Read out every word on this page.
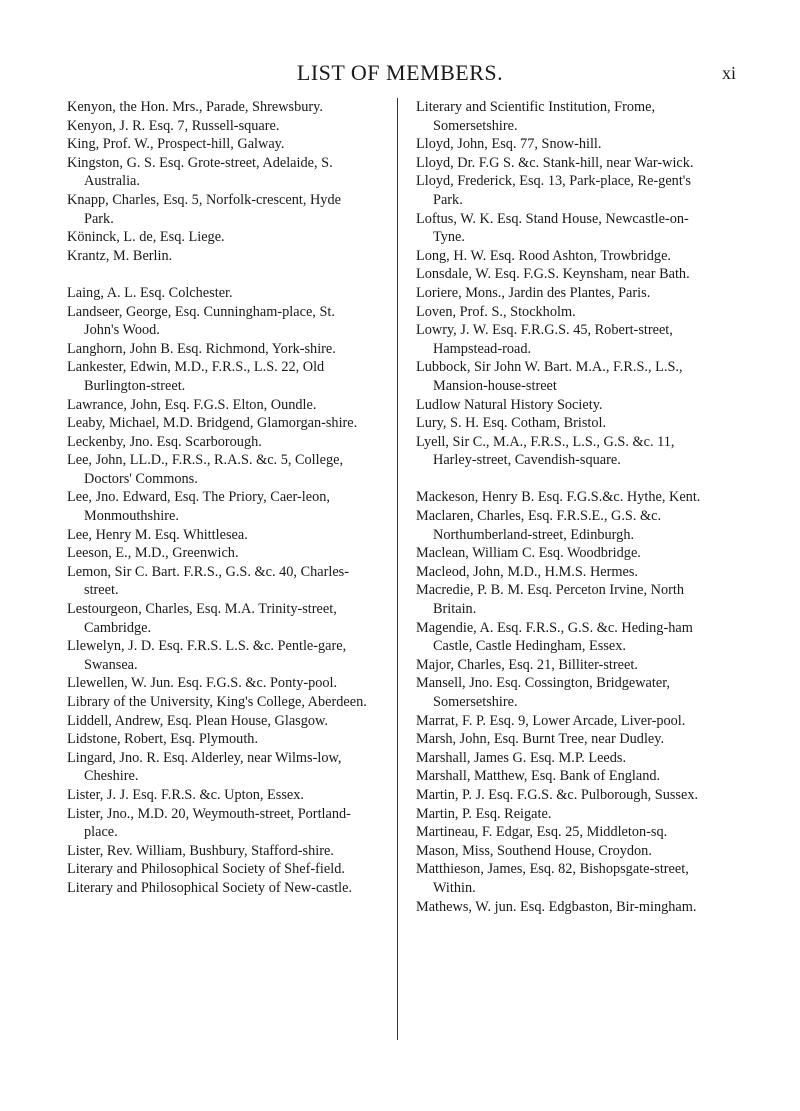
LIST OF MEMBERS.	xi

Kenyon, the Hon. Mrs., Parade, Shrewsbury.

Kenyon, J. R. Esq. 7, Russell-square.

King, Prof. W., Prospect-hill, Galway.

Kingston, G. S. Esq. Grote-street, Adelaide, S. Australia.

Knapp, Charles, Esq. 5, Norfolk-crescent, Hyde Park.

Köninck, L. de, Esq. Liege.

Krantz, M. Berlin.

Laing, A. L. Esq. Colchester.

Landseer, George, Esq. Cunningham-place, St. John's Wood.

Langhorn, John B. Esq. Richmond, York-shire.

Lankester, Edwin, M.D., F.R.S., L.S. 22, Old Burlington-street.

Lawrance, John, Esq. F.G.S. Elton, Oundle.

Leaby, Michael, M.D. Bridgend, Glamorgan-shire.

Leckenby, Jno. Esq. Scarborough.

Lee, John, LL.D., F.R.S., R.A.S. &c. 5, College, Doctors' Commons.

Lee, Jno. Edward, Esq. The Priory, Caer-leon, Monmouthshire.

Lee, Henry M. Esq. Whittlesea.

Leeson, E., M.D., Greenwich.

Lemon, Sir C. Bart. F.R.S., G.S. &c. 40, Charles-street.

Lestourgeon, Charles, Esq. M.A. Trinity-street, Cambridge.

Llewelyn, J. D. Esq. F.R.S. L.S. &c. Pentle-gare, Swansea.

Llewellen, W. Jun. Esq. F.G.S. &c. Ponty-pool.

Library of the University, King's College, Aberdeen.

Liddell, Andrew, Esq. Plean House, Glasgow.

Lidstone, Robert, Esq. Plymouth.

Lingard, Jno. R. Esq. Alderley, near Wilms-low, Cheshire.

Lister, J. J. Esq. F.R.S. &c. Upton, Essex.

Lister, Jno., M.D. 20, Weymouth-street, Portland-place.

Lister, Rev. William, Bushbury, Stafford-shire.

Literary and Philosophical Society of Shef-field.

Literary and Philosophical Society of New-castle.

Literary and Scientific Institution, Frome, Somersetshire.

Lloyd, John, Esq. 77, Snow-hill.

Lloyd, Dr. F.G S. &c. Stank-hill, near War-wick.

Lloyd, Frederick, Esq. 13, Park-place, Re-gent's Park.

Loftus, W. K. Esq. Stand House, Newcastle-on-Tyne.

Long, H. W. Esq. Rood Ashton, Trowbridge.

Lonsdale, W. Esq. F.G.S. Keynsham, near Bath.

Loriere, Mons., Jardin des Plantes, Paris.

Loven, Prof. S., Stockholm.

Lowry, J. W. Esq. F.R.G.S. 45, Robert-street, Hampstead-road.

Lubbock, Sir John W. Bart. M.A., F.R.S., L.S., Mansion-house-street

Ludlow Natural History Society.

Lury, S. H. Esq. Cotham, Bristol.

Lyell, Sir C., M.A., F.R.S., L.S., G.S. &c. 11, Harley-street, Cavendish-square.

Mackeson, Henry B. Esq. F.G.S.&c. Hythe, Kent.

Maclaren, Charles, Esq. F.R.S.E., G.S. &c. Northumberland-street, Edinburgh.

Maclean, William C. Esq. Woodbridge.

Macleod, John, M.D., H.M.S. Hermes.

Macredie, P. B. M. Esq. Perceton Irvine, North Britain.

Magendie, A. Esq. F.R.S., G.S. &c. Heding-ham Castle, Castle Hedingham, Essex.

Major, Charles, Esq. 21, Billiter-street.

Mansell, Jno. Esq. Cossington, Bridgewater, Somersetshire.

Marrat, F. P. Esq. 9, Lower Arcade, Liver-pool.

Marsh, John, Esq. Burnt Tree, near Dudley.

Marshall, James G. Esq. M.P. Leeds.

Marshall, Matthew, Esq. Bank of England.

Martin, P. J. Esq. F.G.S. &c. Pulborough, Sussex.

Martin, P. Esq. Reigate.

Martineau, F. Edgar, Esq. 25, Middleton-sq.

Mason, Miss, Southend House, Croydon.

Matthieson, James, Esq. 82, Bishopsgate-street, Within.

Mathews, W. jun. Esq. Edgbaston, Bir-mingham.
